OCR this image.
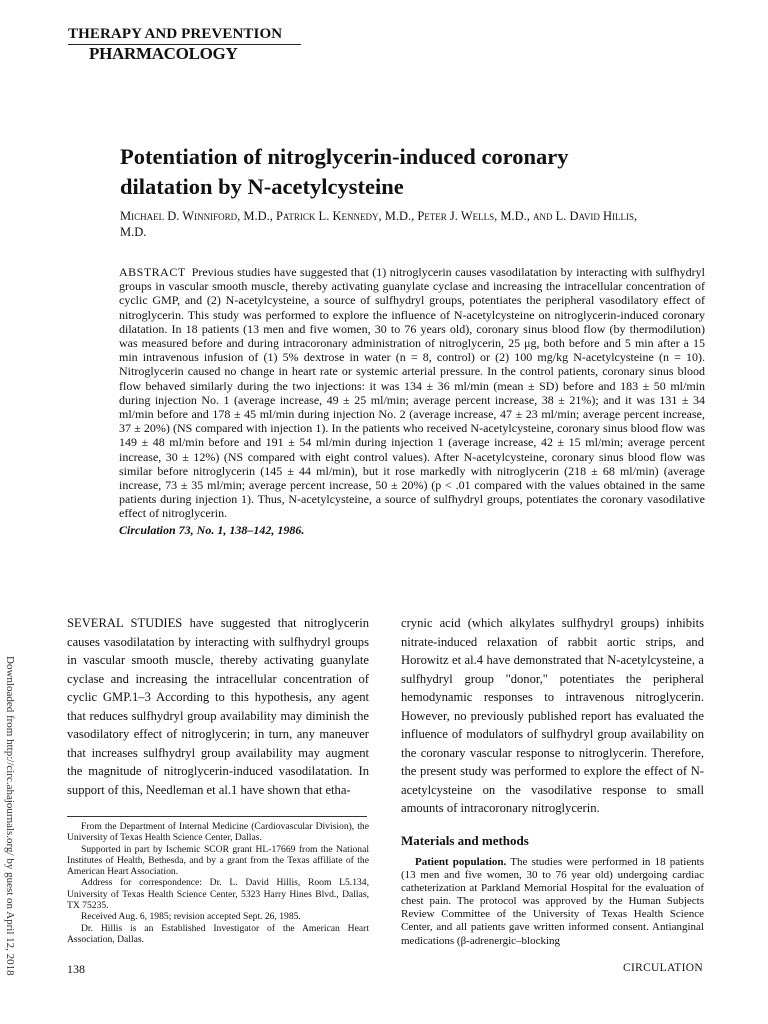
THERAPY AND PREVENTION
PHARMACOLOGY
Potentiation of nitroglycerin-induced coronary dilatation by N-acetylcysteine
Michael D. Winniford, M.D., Patrick L. Kennedy, M.D., Peter J. Wells, M.D., and L. David Hillis, M.D.
ABSTRACT Previous studies have suggested that (1) nitroglycerin causes vasodilatation by interacting with sulfhydryl groups in vascular smooth muscle, thereby activating guanylate cyclase and increasing the intracellular concentration of cyclic GMP, and (2) N-acetylcysteine, a source of sulfhydryl groups, potentiates the peripheral vasodilatory effect of nitroglycerin. This study was performed to explore the influence of N-acetylcysteine on nitroglycerin-induced coronary dilatation. In 18 patients (13 men and five women, 30 to 76 years old), coronary sinus blood flow (by thermodilution) was measured before and during intracoronary administration of nitroglycerin, 25 μg, both before and 5 min after a 15 min intravenous infusion of (1) 5% dextrose in water (n = 8, control) or (2) 100 mg/kg N-acetylcysteine (n = 10). Nitroglycerin caused no change in heart rate or systemic arterial pressure. In the control patients, coronary sinus blood flow behaved similarly during the two injections: it was 134 ± 36 ml/min (mean ± SD) before and 183 ± 50 ml/min during injection No. 1 (average increase, 49 ± 25 ml/min; average percent increase, 38 ± 21%); and it was 131 ± 34 ml/min before and 178 ± 45 ml/min during injection No. 2 (average increase, 47 ± 23 ml/min; average percent increase, 37 ± 20%) (NS compared with injection 1). In the patients who received N-acetylcysteine, coronary sinus blood flow was 149 ± 48 ml/min before and 191 ± 54 ml/min during injection 1 (average increase, 42 ± 15 ml/min; average percent increase, 30 ± 12%) (NS compared with eight control values). After N-acetylcysteine, coronary sinus blood flow was similar before nitroglycerin (145 ± 44 ml/min), but it rose markedly with nitroglycerin (218 ± 68 ml/min) (average increase, 73 ± 35 ml/min; average percent increase, 50 ± 20%) (p < .01 compared with the values obtained in the same patients during injection 1). Thus, N-acetylcysteine, a source of sulfhydryl groups, potentiates the coronary vasodilative effect of nitroglycerin.
Circulation 73, No. 1, 138–142, 1986.
Downloaded from http://circ.ahajournals.org/ by guest on April 12, 2018
SEVERAL STUDIES have suggested that nitroglycerin causes vasodilatation by interacting with sulfhydryl groups in vascular smooth muscle, thereby activating guanylate cyclase and increasing the intracellular concentration of cyclic GMP.1–3 According to this hypothesis, any agent that reduces sulfhydryl group availability may diminish the vasodilatory effect of nitroglycerin; in turn, any maneuver that increases sulfhydryl group availability may augment the magnitude of nitroglycerin-induced vasodilatation. In support of this, Needleman et al.1 have shown that etha-

From the Department of Internal Medicine (Cardiovascular Division), the University of Texas Health Science Center, Dallas.

Supported in part by Ischemic SCOR grant HL-17669 from the National Institutes of Health, Bethesda, and by a grant from the Texas affiliate of the American Heart Association.

Address for correspondence: Dr. L. David Hillis, Room L5.134, University of Texas Health Science Center, 5323 Harry Hines Blvd., Dallas, TX 75235.

Received Aug. 6, 1985; revision accepted Sept. 26, 1985.

Dr. Hillis is an Established Investigator of the American Heart Association, Dallas.

crynic acid (which alkylates sulfhydryl groups) inhibits nitrate-induced relaxation of rabbit aortic strips, and Horowitz et al.4 have demonstrated that N-acetylcysteine, a sulfhydryl group "donor," potentiates the peripheral hemodynamic responses to intravenous nitroglycerin. However, no previously published report has evaluated the influence of modulators of sulfhydryl group availability on the coronary vascular response to nitroglycerin. Therefore, the present study was performed to explore the effect of N-acetylcysteine on the vasodilative response to small amounts of intracoronary nitroglycerin.
Materials and methods
Patient population. The studies were performed in 18 patients (13 men and five women, 30 to 76 year old) undergoing cardiac catheterization at Parkland Memorial Hospital for the evaluation of chest pain. The protocol was approved by the Human Subjects Review Committee of the University of Texas Health Science Center, and all patients gave written informed consent. Antianginal medications (β-adrenergic–blocking
138	CIRCULATION
